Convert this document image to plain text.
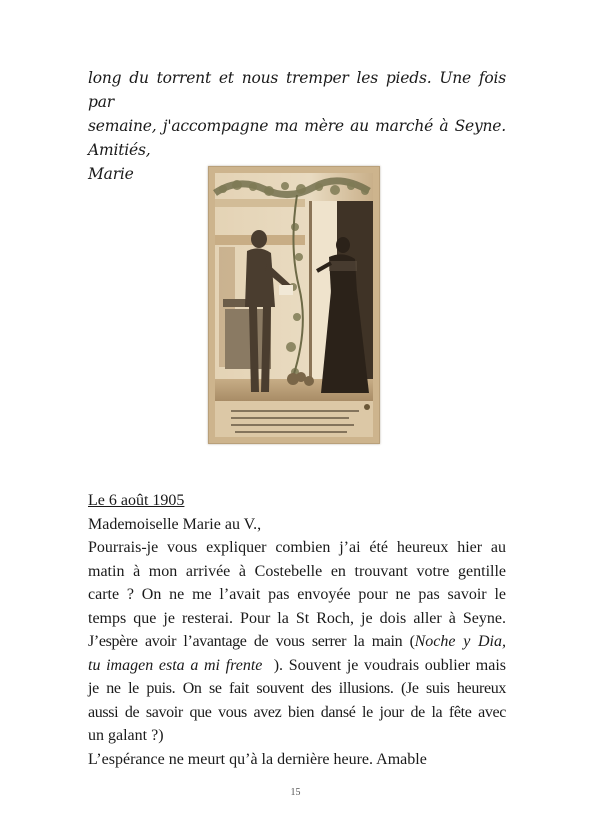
long du torrent et nous tremper les pieds. Une fois par
semaine, j'accompagne ma mère au marché à Seyne. Amitiés,
Marie
Le 6 août 1905
Mademoiselle Marie au V.,
Pourrais-je vous expliquer combien j’ai été heureux hier au
matin à mon arrivée à Costebelle en trouvant votre gentille
carte ? On ne me l’avait pas envoyée pour ne pas savoir le
temps que je resterai. Pour la St Roch, je dois aller à Seyne.
J’espère avoir l’avantage de vous serrer la main (Noche y Dia,
tu imagen esta a mi frente ). Souvent je voudrais oublier mais
je ne le puis. On se fait souvent des illusions. (Je suis heureux
aussi de savoir que vous avez bien dansé le jour de la fête avec
un galant ?)
L’espérance ne meurt qu’à la dernière heure. Amable
15
